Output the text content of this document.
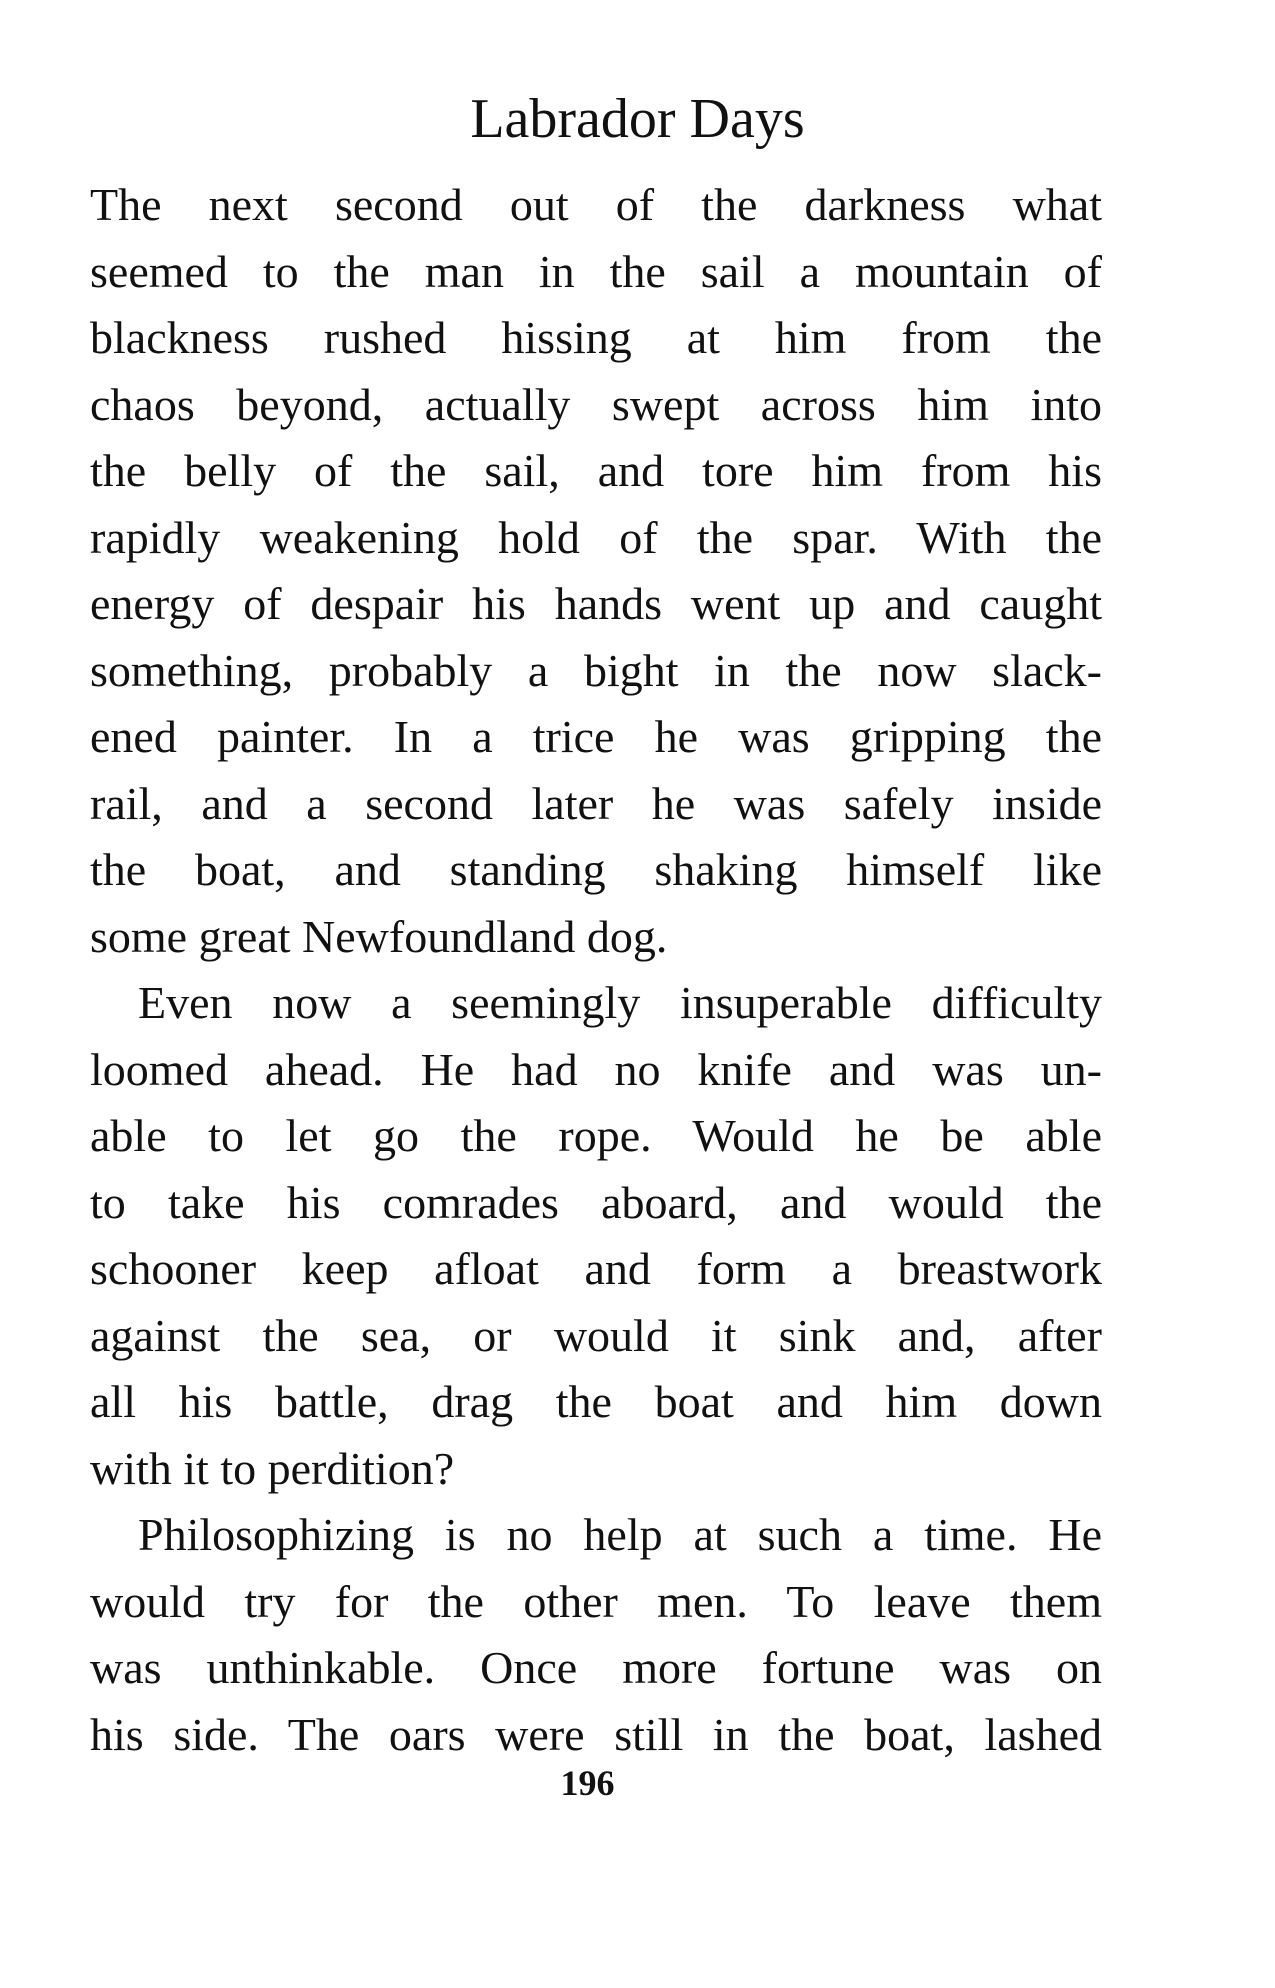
Labrador Days
The next second out of the darkness what
seemed to the man in the sail a mountain of
blackness rushed hissing at him from the
chaos beyond, actually swept across him into
the belly of the sail, and tore him from his
rapidly weakening hold of the spar. With the
energy of despair his hands went up and caught
something, probably a bight in the now slack-
ened painter. In a trice he was gripping the
rail, and a second later he was safely inside
the boat, and standing shaking himself like
some great Newfoundland dog.
Even now a seemingly insuperable difficulty
loomed ahead. He had no knife and was un-
able to let go the rope. Would he be able
to take his comrades aboard, and would the
schooner keep afloat and form a breastwork
against the sea, or would it sink and, after
all his battle, drag the boat and him down
with it to perdition?
Philosophizing is no help at such a time. He
would try for the other men. To leave them
was unthinkable. Once more fortune was on
his side. The oars were still in the boat, lashed
196
